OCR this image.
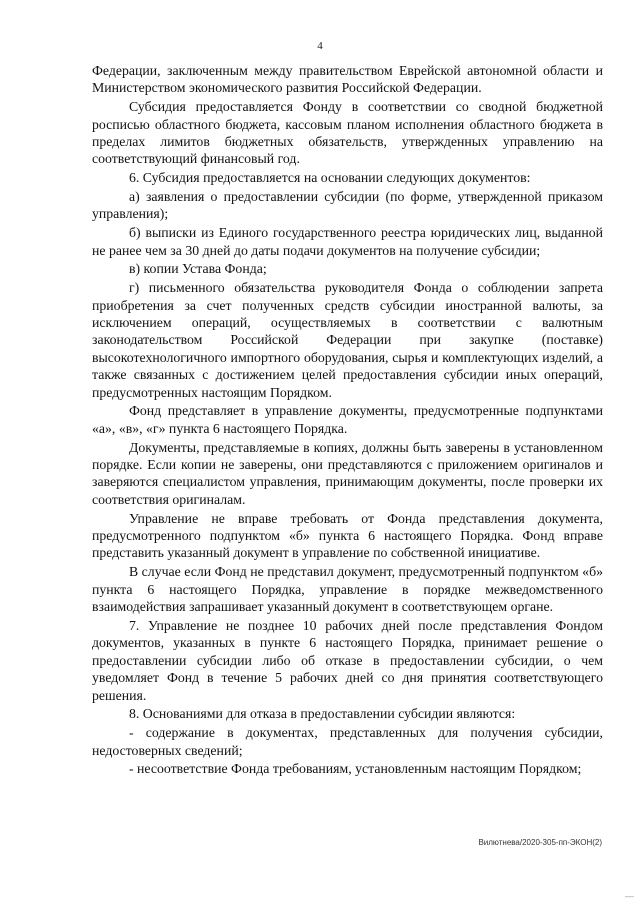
4

Федерации, заключенным между правительством Еврейской автономной области и Министерством экономического развития Российской Федерации.

Субсидия предоставляется Фонду в соответствии со сводной бюджетной росписью областного бюджета, кассовым планом исполнения областного бюджета в пределах лимитов бюджетных обязательств, утвержденных управлению на соответствующий финансовый год.

6. Субсидия предоставляется на основании следующих документов:

а) заявления о предоставлении субсидии (по форме, утвержденной приказом управления);

б) выписки из Единого государственного реестра юридических лиц, выданной не ранее чем за 30 дней до даты подачи документов на получение субсидии;

в) копии Устава Фонда;

г) письменного обязательства руководителя Фонда о соблюдении запрета приобретения за счет полученных средств субсидии иностранной валюты, за исключением операций, осуществляемых в соответствии с валютным законодательством Российской Федерации при закупке (поставке) высокотехнологичного импортного оборудования, сырья и комплектующих изделий, а также связанных с достижением целей предоставления субсидии иных операций, предусмотренных настоящим Порядком.

Фонд представляет в управление документы, предусмотренные подпунктами «а», «в», «г» пункта 6 настоящего Порядка.

Документы, представляемые в копиях, должны быть заверены в установленном порядке. Если копии не заверены, они представляются с приложением оригиналов и заверяются специалистом управления, принимающим документы, после проверки их соответствия оригиналам.

Управление не вправе требовать от Фонда представления документа, предусмотренного подпунктом «б» пункта 6 настоящего Порядка. Фонд вправе представить указанный документ в управление по собственной инициативе.

В случае если Фонд не представил документ, предусмотренный подпунктом «б» пункта 6 настоящего Порядка, управление в порядке межведомственного взаимодействия запрашивает указанный документ в соответствующем органе.

7. Управление не позднее 10 рабочих дней после представления Фондом документов, указанных в пункте 6 настоящего Порядка, принимает решение о предоставлении субсидии либо об отказе в предоставлении субсидии, о чем уведомляет Фонд в течение 5 рабочих дней со дня принятия соответствующего решения.

8. Основаниями для отказа в предоставлении субсидии являются:

- содержание в документах, представленных для получения субсидии, недостоверных сведений;

- несоответствие Фонда требованиям, установленным настоящим Порядком;

Вилютнева/2020-305-пп-ЭКОН(2)
—
